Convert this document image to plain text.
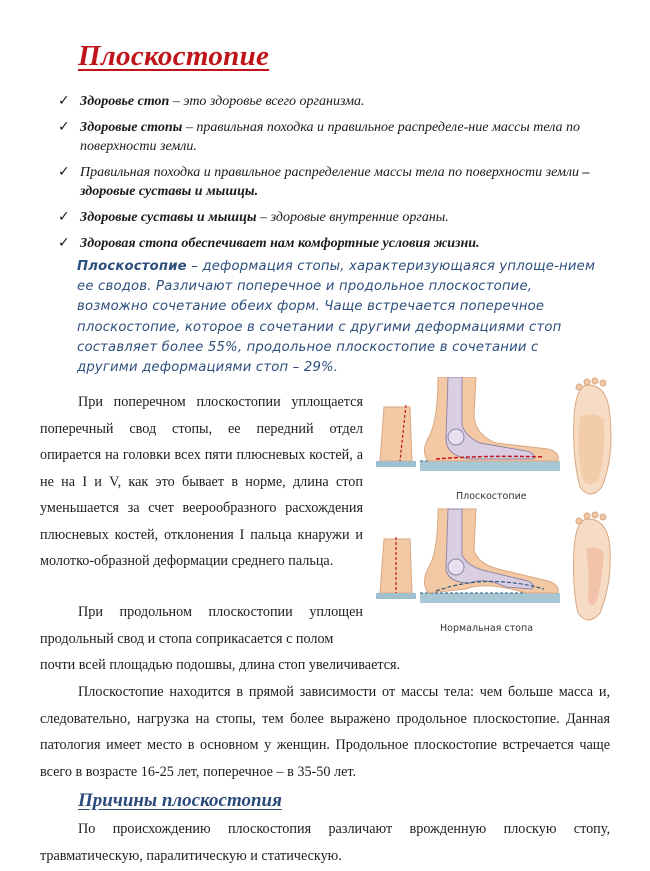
Плоскостопие
✓ Здоровье стоп – это здоровье всего организма.
✓ Здоровые стопы – правильная походка и правильное распределе-ние массы тела по поверхности земли.
✓ Правильная походка и правильное распределение массы тела по поверхности земли – здоровые суставы и мышцы.
✓ Здоровые суставы и мышцы – здоровые внутренние органы.
✓ Здоровая стопа обеспечивает нам комфортные условия жизни.

Плоскостопие – деформация стопы, характеризующаяся уплоще-нием ее сводов. Различают поперечное и продольное плоскостопие, возможно сочетание обеих форм. Чаще встречается поперечное плоскостопие, которое в сочетании с другими деформациями стоп составляет более 55%, продольное плоскостопие в сочетании с другими деформациями стоп – 29%.

При поперечном плоскостопии уплощается поперечный свод стопы, ее передний отдел опирается на головки всех пяти плюсневых костей, а не на I и V, как это бывает в норме, длина стоп уменьшается за счет веерообразного расхождения плюсневых костей, отклонения I пальца кнаружи и молотко-образной деформации среднего пальца.

При продольном плоскостопии уплощен продольный свод и стопа соприкасается с полом

почти всей площадью подошвы, длина стоп увеличивается.

Плоскостопие находится в прямой зависимости от массы тела: чем больше масса и, следовательно, нагрузка на стопы, тем более выражено продольное плоскостопие. Данная патология имеет место в основном у женщин. Продольное плоскостопие встречается чаще всего в возрасте 16-25 лет, поперечное – в 35-50 лет.

Причины плоскостопия

По происхождению плоскостопия различают врожденную плоскую стопу, травматическую, паралитическую и статическую.

Плоскостопие
Нормальная стопа
